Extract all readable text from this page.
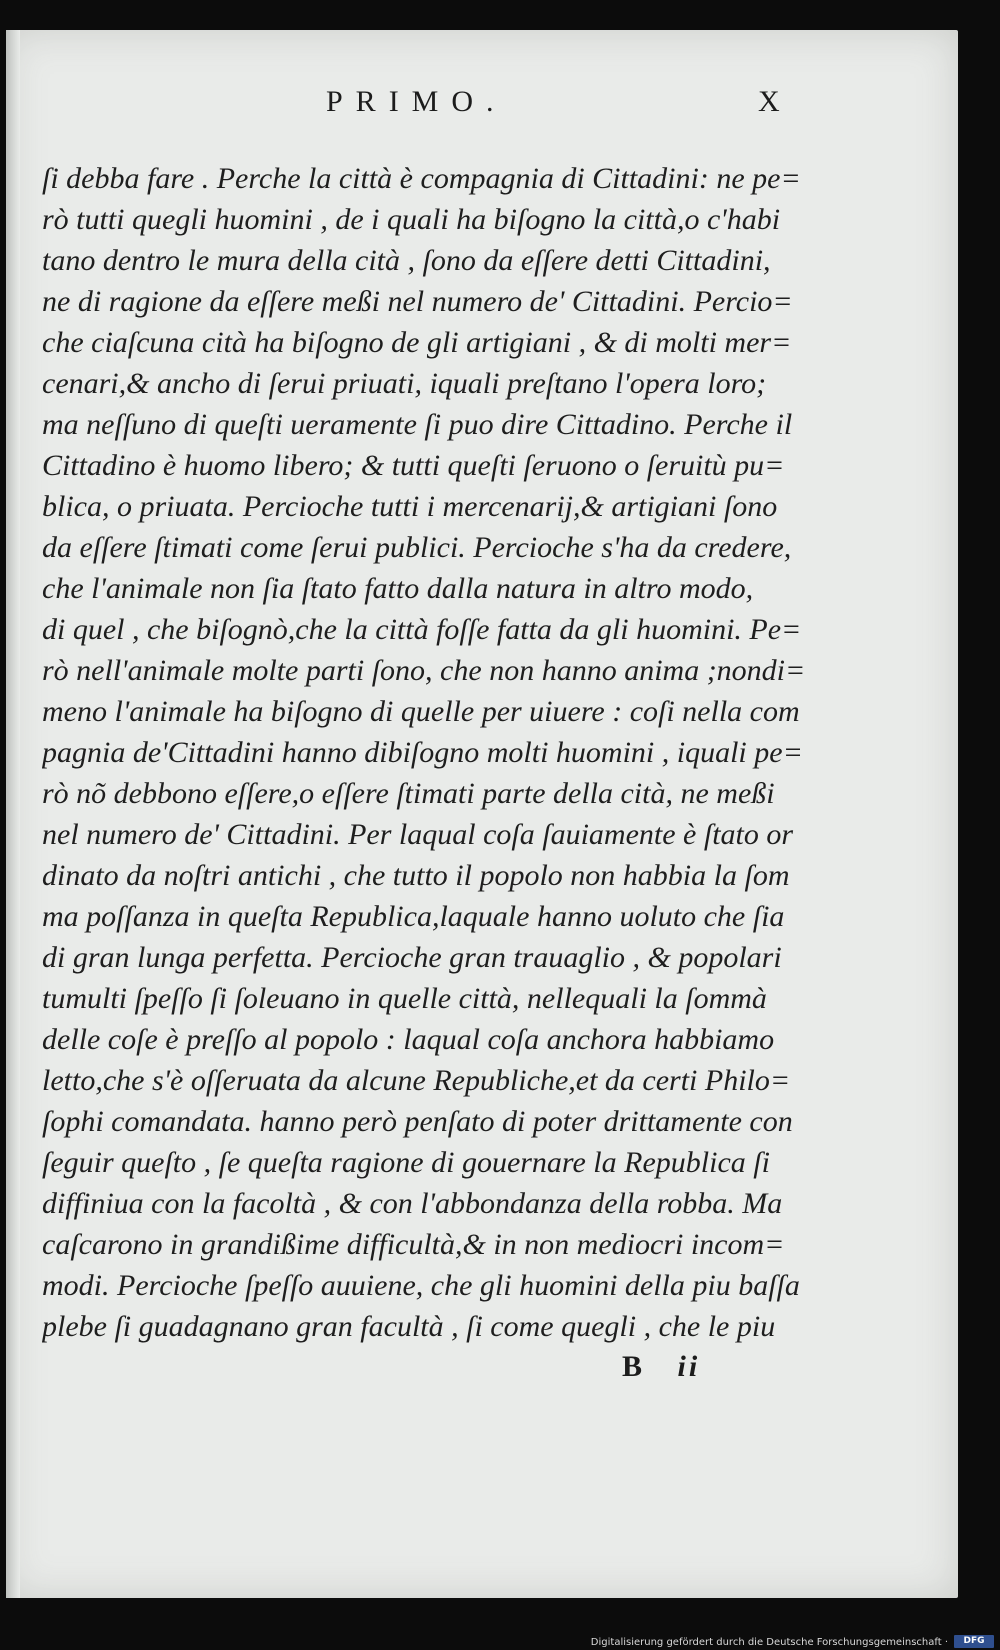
PRIMO.	X
ſi debba fare . Perche la città è compagnia di Cittadini: ne pe=
rò tutti quegli huomini , de i quali ha biſogno la città,o c'habi
tano dentro le mura della cità , ſono da eſſere detti Cittadini,
ne di ragione da eſſere meßi nel numero de' Cittadini. Percio=
che ciaſcuna cità ha biſogno de gli artigiani , & di molti mer=
cenari,& ancho di ſerui priuati, iquali preſtano l'opera loro;
ma neſſuno di queſti ueramente ſi puo dire Cittadino. Perche il
Cittadino è huomo libero; & tutti queſti ſeruono o ſeruitù pu=
blica, o priuata. Percioche tutti i mercenarij,& artigiani ſono
da eſſere ſtimati come ſerui publici. Percioche s'ha da credere,
che l'animale non ſia ſtato fatto dalla natura in altro modo,
di quel , che biſognò,che la città foſſe fatta da gli huomini. Pe=
rò nell'animale molte parti ſono, che non hanno anima ;nondi=
meno l'animale ha biſogno di quelle per uiuere : coſi nella com
pagnia de'Cittadini hanno dibiſogno molti huomini , iquali pe=
rò nõ debbono eſſere,o eſſere ſtimati parte della cità, ne meßi
nel numero de' Cittadini. Per laqual coſa ſauiamente è ſtato or
dinato da noſtri antichi , che tutto il popolo non habbia la ſom
ma poſſanza in queſta Republica,laquale hanno uoluto che ſia
di gran lunga perfetta. Percioche gran trauaglio , & popolari
tumulti ſpeſſo ſi ſoleuano in quelle città, nellequali la ſommà
delle coſe è preſſo al popolo : laqual coſa anchora habbiamo
letto,che s'è oſſeruata da alcune Republiche,et da certi Philo=
ſophi comandata. hanno però penſato di poter drittamente con
ſeguir queſto , ſe queſta ragione di gouernare la Republica ſi
diffiniua con la facoltà , & con l'abbondanza della robba. Ma
caſcarono in grandißime difficultà,& in non mediocri incom=
modi. Percioche ſpeſſo auuiene, che gli huomini della piu baſſa
plebe ſi guadagnano gran facultà , ſi come quegli , che le piu
B ii
Digitalisierung gefördert durch die Deutsche Forschungsgemeinschaft ·	DFG
